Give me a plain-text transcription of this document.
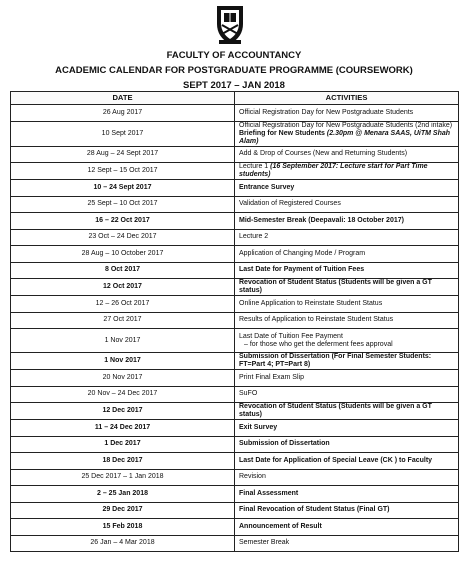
FACULTY OF ACCOUNTANCY
ACADEMIC CALENDAR FOR POSTGRADUATE PROGRAMME (COURSEWORK)
SEPT 2017 – JAN 2018
DATE	ACTIVITIES
26 Aug 2017	Official Registration Day for New Postgraduate Students
10 Sept 2017	Official Registration Day for New Postgraduate Students (2nd intake)
Briefing for New Students (2.30pm @ Menara SAAS, UiTM Shah Alam)

28 Aug – 24 Sept 2017	Add & Drop of Courses (New and Returning Students)
12 Sept – 15 Oct 2017	Lecture 1 (16 September 2017: Lecture start for Part Time students)
10 – 24 Sept 2017	Entrance Survey
25 Sept – 10 Oct 2017	Validation of Registered Courses
16 – 22 Oct 2017	Mid-Semester Break (Deepavali: 18 October 2017)
23 Oct – 24 Dec 2017	Lecture 2
28 Aug – 10 October 2017	Application of Changing Mode / Program
8 Oct 2017	Last Date for Payment of Tuition Fees
12 Oct 2017	Revocation of Student Status (Students will be given a GT status)
12 – 26 Oct 2017	Online Application to Reinstate Student Status
27 Oct 2017	Results of Application to Reinstate Student Status
1 Nov 2017	Last Date of Tuition Fee Payment
– for those who get the deferment fees approval

1 Nov 2017	Submission of Dissertation (For Final Semester Students: FT=Part 4; PT=Part 8)
20 Nov 2017	Print Final Exam Slip
20 Nov – 24 Dec 2017	SuFO
12 Dec 2017	Revocation of Student Status (Students will be given a GT status)
11 – 24 Dec 2017	Exit Survey
1 Dec 2017	Submission of Dissertation
18 Dec 2017	Last Date for Application of Special Leave (CK ) to Faculty
25 Dec 2017 – 1 Jan 2018	Revision
2 – 25 Jan 2018	Final Assessment
29 Dec 2017	Final Revocation of Student Status (Final GT)
15 Feb 2018	Announcement of Result
26 Jan – 4 Mar 2018	Semester Break
